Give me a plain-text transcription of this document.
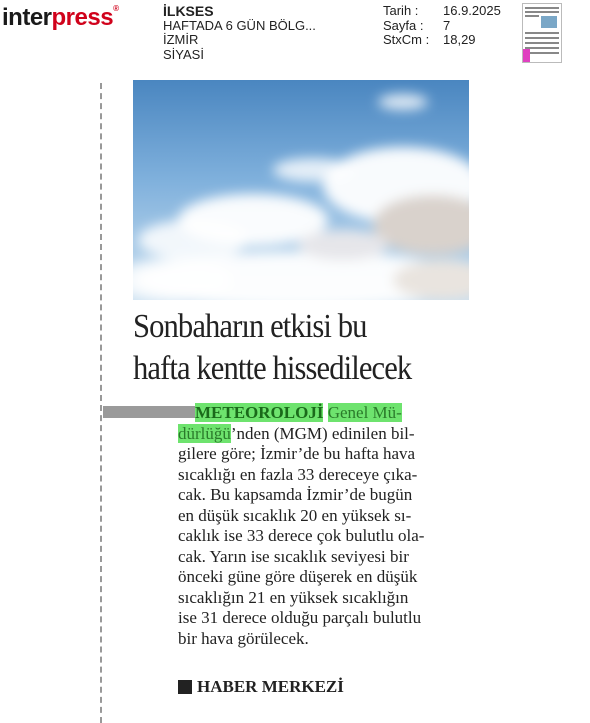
interpress®	İLKSES
HAFTADA 6 GÜN BÖLG...
İZMİR
SİYASİ
Tarih :	16.9.2025
Sayfa :	7
StxCm :	18,29
Sonbaharın etkisi bu
hafta kentte hissedilecek
METEOROLOJİ Genel Mü-
dürlüğü’nden (MGM) edinilen bil-
gilere göre; İzmir’de bu hafta hava
sıcaklığı en fazla 33 dereceye çıka-
cak. Bu kapsamda İzmir’de bugün
en düşük sıcaklık 20 en yüksek sı-
caklık ise 33 derece çok bulutlu ola-
cak. Yarın ise sıcaklık seviyesi bir
önceki güne göre düşerek en düşük
sıcaklığın 21 en yüksek sıcaklığın
ise 31 derece olduğu parçalı bulutlu
bir hava görülecek.
HABER MERKEZİ
